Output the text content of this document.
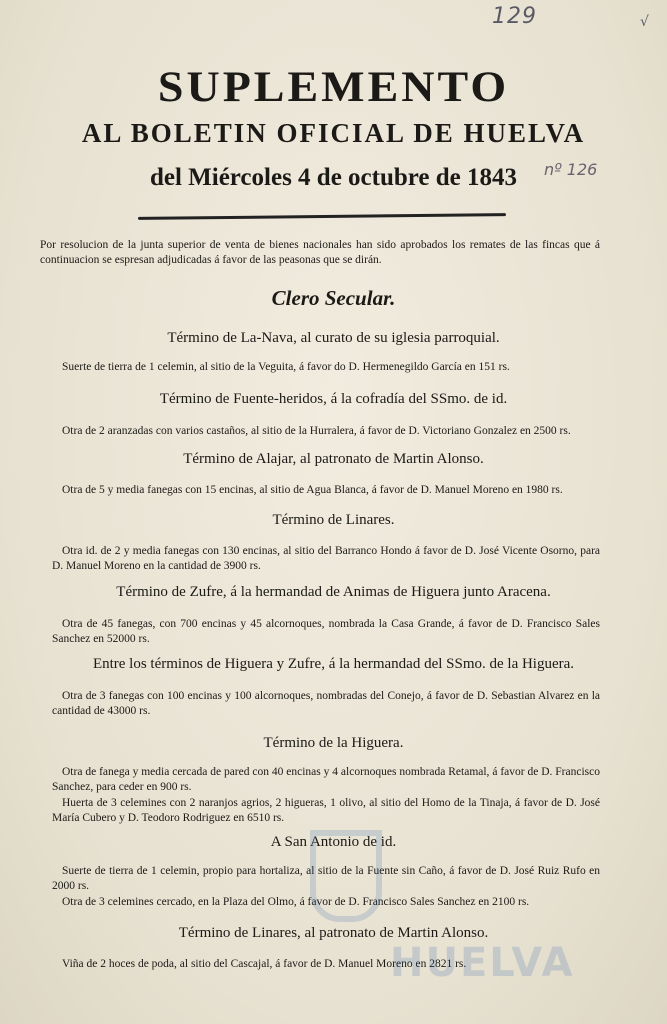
129	√
nº 126
SUPLEMENTO
AL BOLETIN OFICIAL DE HUELVA
del Miércoles 4 de octubre de 1843
Por resolucion de la junta superior de venta de bienes nacionales han sido aprobados los remates de las fincas que á continuacion se espresan adjudicadas á favor de las peasonas que se dirán.
Clero Secular.
Término de La-Nava, al curato de su iglesia parroquial.
Suerte de tierra de 1 celemin, al sitio de la Veguita, á favor do D. Hermenegildo García en 151 rs.
Término de Fuente-heridos, á la cofradía del SSmo. de id.
Otra de 2 aranzadas con varios castaños, al sitio de la Hurralera, á favor de D. Victoriano Gonzalez en 2500 rs.
Término de Alajar, al patronato de Martin Alonso.
Otra de 5 y media fanegas con 15 encinas, al sitio de Agua Blanca, á favor de D. Manuel Moreno en 1980 rs.
Término de Linares.
Otra id. de 2 y media fanegas con 130 encinas, al sitio del Barranco Hondo á favor de D. José Vicente Osorno, para D. Manuel Moreno en la cantidad de 3900 rs.
Término de Zufre, á la hermandad de Animas de Higuera junto Aracena.
Otra de 45 fanegas, con 700 encinas y 45 alcornoques, nombrada la Casa Grande, á favor de D. Francisco Sales Sanchez en 52000 rs.
Entre los términos de Higuera y Zufre, á la hermandad del SSmo. de la Higuera.
Otra de 3 fanegas con 100 encinas y 100 alcornoques, nombradas del Conejo, á favor de D. Sebastian Alvarez en la cantidad de 43000 rs.
Término de la Higuera.
Otra de fanega y media cercada de pared con 40 encinas y 4 alcornoques nombrada Retamal, á favor de D. Francisco Sanchez, para ceder en 900 rs.
Huerta de 3 celemines con 2 naranjos agrios, 2 higueras, 1 olivo, al sitio del Homo de la Tinaja, á favor de D. José María Cubero y D. Teodoro Rodriguez en 6510 rs.
A San Antonio de id.
Suerte de tierra de 1 celemin, propio para hortaliza, al sitio de la Fuente sin Caño, á favor de D. José Ruiz Rufo en 2000 rs.
Otra de 3 celemines cercado, en la Plaza del Olmo, á favor de D. Francisco Sales Sanchez en 2100 rs.
Término de Linares, al patronato de Martin Alonso.
Viña de 2 hoces de poda, al sitio del Cascajal, á favor de D. Manuel Moreno en 2821 rs.
HUELVA
